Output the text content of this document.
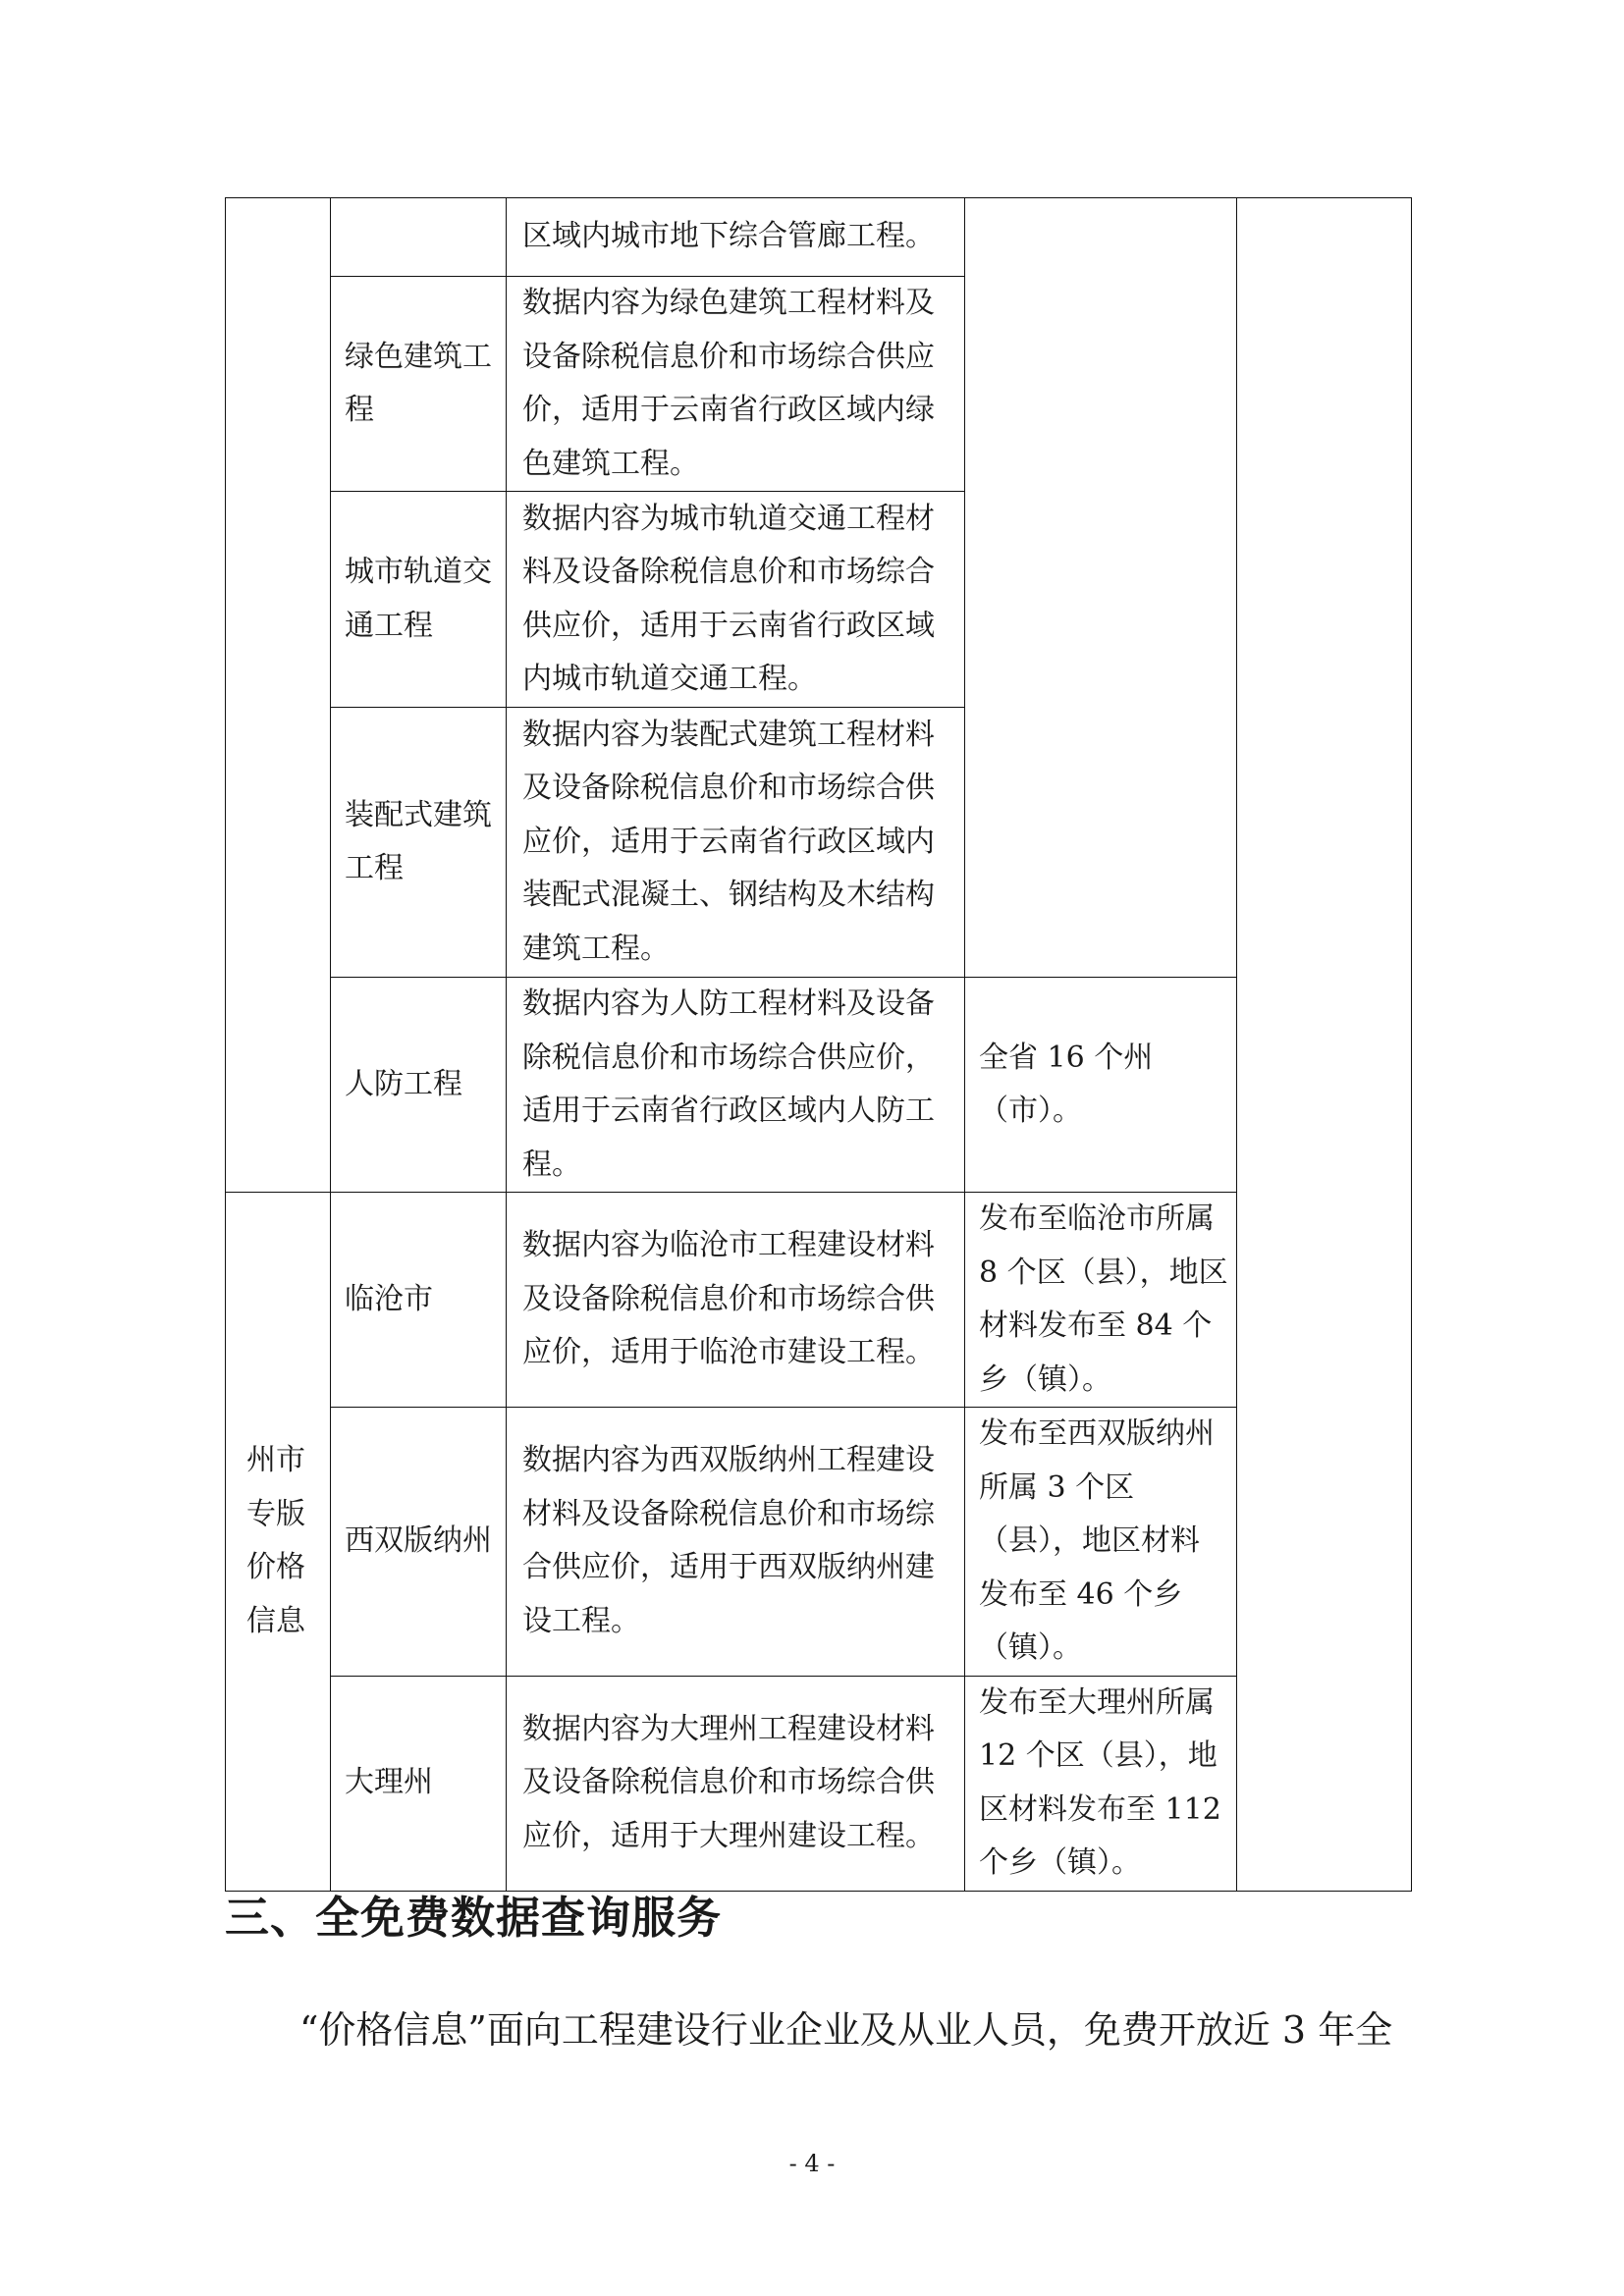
		区域内城市地下综合管廊工程。		

	绿色建筑工程	数据内容为绿色建筑工程材料及设备除税信息价和市场综合供应价，适用于云南省行政区域内绿色建筑工程。		

	城市轨道交通工程	数据内容为城市轨道交通工程材料及设备除税信息价和市场综合供应价，适用于云南省行政区域内城市轨道交通工程。		

	装配式建筑工程	数据内容为装配式建筑工程材料及设备除税信息价和市场综合供应价，适用于云南省行政区域内装配式混凝土、钢结构及木结构建筑工程。		

	人防工程	数据内容为人防工程材料及设备除税信息价和市场综合供应价，适用于云南省行政区域内人防工程。	全省 16 个州（市）。	

州市专版价格信息	临沧市	数据内容为临沧市工程建设材料及设备除税信息价和市场综合供应价，适用于临沧市建设工程。	发布至临沧市所属 8 个区（县），地区材料发布至 84 个乡（镇）。	

	西双版纳州	数据内容为西双版纳州工程建设材料及设备除税信息价和市场综合供应价，适用于西双版纳州建设工程。	发布至西双版纳州所属 3 个区（县），地区材料发布至 46 个乡（镇）。	

	大理州	数据内容为大理州工程建设材料及设备除税信息价和市场综合供应价，适用于大理州建设工程。	发布至大理州所属 12 个区（县），地区材料发布至 112 个乡（镇）。	
三、全免费数据查询服务

“价格信息”面向工程建设行业企业及从业人员，免费开放近 3 年全

- 4 -
